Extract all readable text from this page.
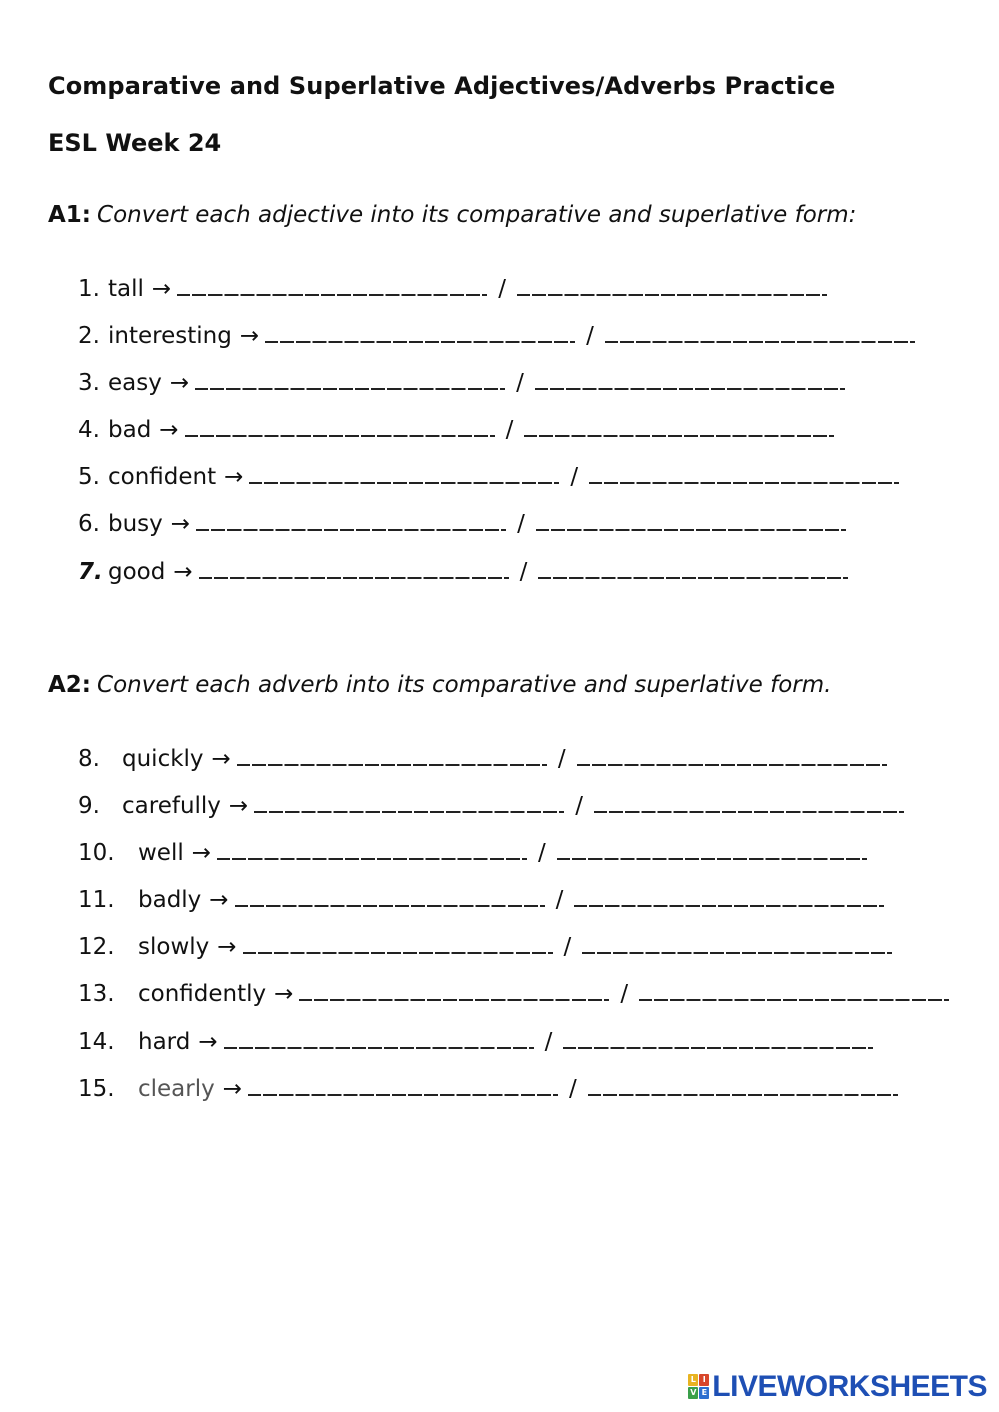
Comparative and Superlative Adjectives/Adverbs Practice
ESL Week 24
A1: Convert each adjective into its comparative and superlative form:
1. tall →	/
2. interesting →	/
3. easy →	/
4. bad →	/
5. confident →	/
6. busy →	/
7. good →	/
A2: Convert each adverb into its comparative and superlative form.
8. quickly →	/
9. carefully →	/
10.	well →	/
11.	badly →	/
12.	slowly →	/
13.	confidently →	/
14.	hard →	/
15.	clearly →	/
L I
V E LIVEWORKSHEETS
